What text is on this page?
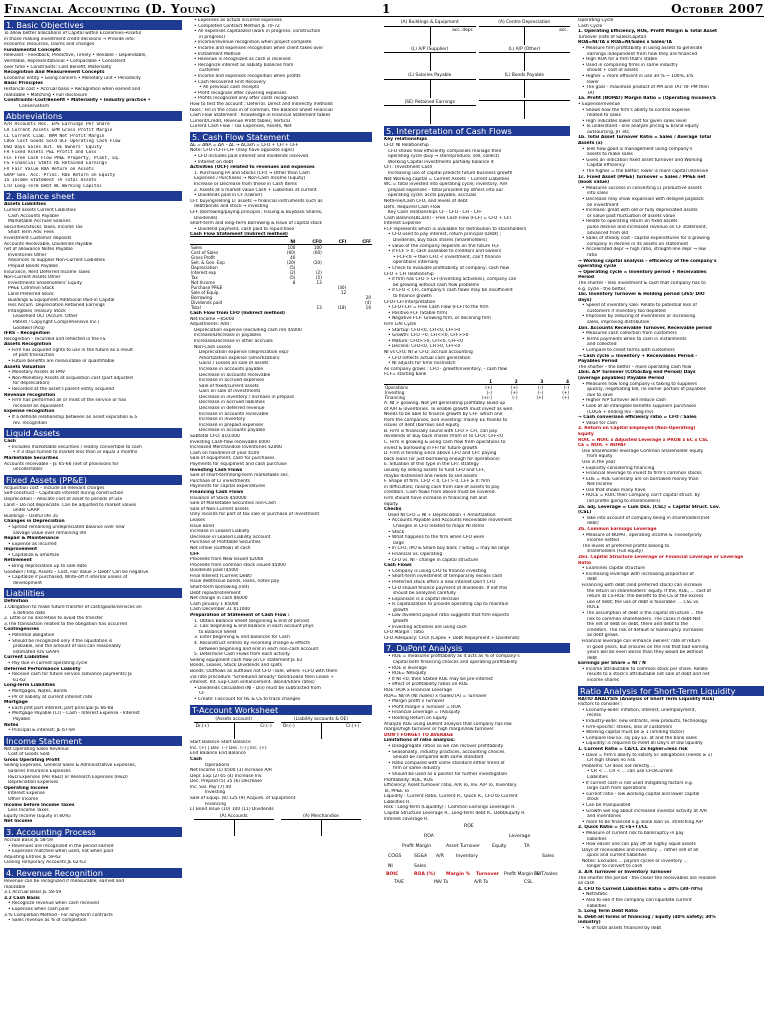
Financial Accounting (D. Young)	1	October 2007
1. Basic Objectives
To allow better allocations of Capital within Economies→Useful
in those making investment credit decisions → Provide info:
economic resources, claims and changes
Fundamental Concepts
Relevant – Feedback, Predictive, Timely • Reliable – Dependable,
Verifiable, Representational • Comparable • Consistent
over time • Constraints: Cost Benefit, Materiality
Recognition And Measurement Concepts
Economic entity • Going concern • Monetary unit • Periodicity
Basic Principles
Historical cost • Accrual basis • Recognition when earned and
realizable • Matching • Full disclosure
Constraints–Cost/Benefit • Materiality • Industry practice •
Conservatism
Abbreviations
A/R Accounts Rec. EPS Earnings Per Share
CA Current Assets GPM Gross Profit Margin
CL Current Liab. NPM Net Profit Margin
COGS Cost Goods Sold OCF Operating Cash Flow
DSO Days Sales Out. OE Owners' Equity
FA Fixed Assets P&L Profit and Loss
FCF Free Cash Flow PP&E Property, Plant, Eq.
FS Financial Stmts RE Retained Earnings
FV Fair Value ROA Return on Assets
GAAP Gen. Acc. Princ. ROE Return on Equity
IS Income Statement TA Total Assets
LTD Long-Term Debt WC Working Capital
2. Balance sheet
Assets Liabilities
Current assets Current Liabilities
Cash Accounts Payable
Marketable Accrued Salaries
Securities/Stocks Taxes, Income Tax
Short Term Adv. Fees
Investment Customer deposits
Accounts Receivable, Dividends Payable
net of allowance Notes Payable
Inventories Other
Advances To Supplier Non-Current Liabilities
Prepaid Bonds Payable
Insurance, Rent Deferred Income Taxes
Non-Current Assets Other
Investments Shareholders' Equity
PP&E Common Stock
Land Preferred Stock
Buildings & Equipment Additional Paid-in Capital
less Accum. Depreciation Retained Earnings
Intangibles Treasury Stock
Leasehold OCI (Accum. Other
Patent / Copyright Comprehensive Inc.)
Goodwill (Acq)
IFRS – Recognition
Recognition – recorded and reflected in the FS
Assets Recognition
• Firm has acquired rights to use in the future as a result
of past transaction
• Future benefits are measurable or quantifiable
Assets Valuation
• Monetary Assets at FMV
• Non-Monetary Assets at acquisition cost (part adjusted
for depreciation)
• Recorded at the asset's parent entity acquired
Revenue recognition
• Firm has performed all or most of the service or has
received an equivalent
Expense recognition
• If a definite relationship between an asset expiration & a
rev. recognition
Liquid Assets
Cash
• Includes marketable securities / readily convertible to cash
• if 3 days turned to market less than or equal 3 months
Marketable Securities
Accounts receivable – JE 65-66 (net of provisions for
uncollectible)
Fixed Assets (PP&E)
Acquisition cost – Include all relevant charges
Self-construct – Capitalize interest during construction
Depreciation – Allocate cost of asset to periods of use
Land – Do not depreciate. Can be adjusted to market values
under GAAP
Buildings – Useful life 35
Changes in Depreciation
• Spread remaining undepreciated balance over new
salvage value over remaining life
Repair & Maintenance
• Expense as incurred
Improvement
• Capitalize & amortize
Retirement
• Bring depreciation up to sale date
Goodwill / Intg. Assets – Cost, Fair Value > Debt? Can be negative
• Capitalize if purchased, Write-off if internal unless of
development
Liabilities
Definition
1.Obligation to make future transfer of cash/goods/services on
a definite date
2. Little or no discretion to avoid the transfer
3.The transaction related to the obligation has occurred
Contingencies
• Potential obligation
• Should be recognized only if the liquidation is
probable, and the amount of loss can reasonably
estimated (US GAAP)
Current Liabilities
• Pay due in current operating cycle
Deferred Performance Liability
• Receive cash for future service (advance payments) JE
61-62
Long-Term Liabilities
• Mortgages, Notes, Bonds
• PV of liability at current interest rate
Mortgage
• Each pmt part interest, part principal JE 66-68
• Mortgage Payable (Cr) – Cash - Interest Expense - Interest
Payable
Notes
• Principal & interest; JE 67-69
Income Statement
Net Operating Sales Revenue
Cost of Goods Sold
Gross Operating Profit
Selling Expenses, General Sales & Administrative Expenses,
Salaries Insurance Expenses
R&D Expenses (Per R&D) or Research Expenses (R&D)
Depreciation Expenses
Operating Income
Interest Expense
Other Income
Income before Income Taxes
Less Income Taxes
Equity Income (Equity in 80%)
Net Income
3. Accounting Process
Accrual Basis JE 58-59
• Revenues are recognized in the period earned
• Expenses matched when used, not when paid
Adjusting Entries JE 59-62
Closing Temporary Accounts JE 62-63
4. Revenue Recognition
Revenue can be recognized if measurable, earned and
realizable
3.1 Accrual Basis JE 58-59
3.2 Cash Basis
• Recognize revenue when cash received
• Expenses when cash paid
3.% Completion Method - For long-term contracts
• Sales revenue as % of completion
• Expenses as actual incurred expenses
• Completed Contract Method JE 70-72
• All expenses capitalized (work in progress, construction
in progress)
• Income/revenue recognition when project complete
• Income and expenses recognition when client takes over
• Installment Method
• Revenue is recognized as cash is received
• Recognize interest as liability bilances from
customer
• Income and expenses recognition when profits
• Cash Recovered First Recovery
• All previous cash receipts
• Profit recognize after covering expenses
• Profits recognized only after costs recognized
How to test the account : Deferral. Direct and Indirectly methods
tools : Fill in the cross in of common, the Balance Sheet Financial
Cash Flow Statement : Knowledge in Financial Statement tables
Current/Credit, Revenue Profit tables, Vertical
Current Cash Flow : Tax Expenses, Assets, Net
5. Cash Flow Statement
ΔE = ΔNA = ΔA – ΔL → ΔCash = CFO + CFI + CFF
Note: CFO+CFI+CFF (may have opposite signs)
• CFO includes paid interest and dividends received
• Interest on debt
Activities (OCF) related to revenues and expenses
1. Purchasing FA and Stocks (CFI) → Other than Cash
Expenses / Purchases → Non-Cash Income (Equity)
Increase or Decrease from these in Cash Items
2. Assets at a market value Cash + Liabilities at current
• Dividends paid in CF (Owner)
CFI: buying/selling LT assets → financial instruments such as
debt/bonds and stock → investing
CFF (borrowing/paying principal ; Issuing & Buyback Shares,
Dividends)
Short-term and long-term borrowing & Issue of capital stock
• Dividend payment, cash paid to repurchase
Cash Flow Statement (Indirect method)
	NI	CFO	CFI	CFF
Sales	100	100		
Cost of Sales	(60)	(60)		
Gross Profit	40			
Sell. & Gen. Exp	(20)	(20)		
Depreciation	(5)			
Interest exp	(2)	(2)		
Tax	(5)	(5)		
Net Income	8	13		
Purchase PP&E			(30)	
Sale of Equip.			12	
Borrowing				20
Dividends paid				(4)
Total		13	(18)	16
Cash Flow from CFO (Indirect method)
Net Income ~$5000
Adjustments: Add :
Depreciation expense (excluding cash rel) $5000
Increase/Decrease in payables
Increase/Decrease in other accruals
Non-Cash Losses
Depreciation expense (depreciation exp)
Amortization expense (amortization)
Gains / Losses on sale of assets
Increase in accounts payable
Decrease in accounts receivable
Increase in accrued expenses
Sale of fixed/current assets
Gain on sale of investments
Decrease in inventory / Increase in prepaid
Decrease in accrued liabilities
Decrease in deferred revenue
Increase in accounts receivable
Increase in inventory
Increase in prepaid expenses
Decrease in accounts payable
Subtotal CFO: $10,000
Investing Cash-flow receivable $000
Increased Merchandise Inventories $2000
Cash on hand/end of year $500
Sale of equipment, cash for purchases
Payments for equipment and cash purchase
Investing Cash Flows
Sale of short-term/long-term marketable sec.
Purchase of LT investments
Payments for capital expenditures
Financing Cash Flows
Issuance of Stock $50000
Sale of Marketable Securities non-Cash
Sale of Non-Current assets
Only records for part of tax sale or purchase of investment
Leases
Issue Bond
Increase in Leased Liability
Decrease in Leased Liability account
Purchase of Profitable Securities
Net inflow (outflow) of cash
CFF
Proceeds from New Issued $2000
Proceeds from common stock issued $5000
Dividends paid ($500)
Final Interest (Current Debt)
Issue debt/Issue bonds, loans, notes pay
Short-term borrowing (net)
Debt repaid/retirement
Net change in cash $6000
Cash January 1 $5000
Cash December 31 $11000
Preparation of Statement of Cash Flow :
1. Obtain Balance Sheet (beginning & end of period)
2. Calc beginning & end balance in each account phys
to Balance Sheet
3. Enter beginning & end balances for Cash
4. Reconstruct entries by recording change & effects
between beginning and end in each non-cash account
5. Determine Cash Flows from each activity
Selling equipment cash flow on CF statement JE 63
Bonds, Leases, Stock Dividends and splits
Bonds: Outflows as outflows not CFO –sale, where +CFO with them
via rate procedure "Scheduled already" bond/Lease then Lease +
interest. Int. Exp-Cash enhancement. (Bond/Share rates)
• Dividends calculated (NI - Div) must be subtracted from
CF
• Create T-account for RE & CS to track changes
T-Account Worksheet
(Assets account)
Dr.(+)	Cr.(–)
(Liability accounts & OE)
Dr.(–)	Cr.(+)
Start Balance Start Balance
Inc. (+) | Dec. (–) Dec. (–) | Inc. (+)
End Balance End Balance
Cash
Operations
Net Income (1) $500 (3) Increase A/R
Depr. Exp.(2) 65 (4) Increase Inv.
Dec. Prepaid (5) 35 (6) Decrease
Inc. Sal. Pay (7) 40
Investing
Sale of Equip. (8) 125 (9) Acquire. of Equipment
Financing
LT Bond Issue (10) 100 (11) Dividends
(A) Accounts	(A) Merchandise
(A) Buildings & Equipment
acc. depr.
(A) Centre Depreciation
acc.
(L) A/P (Supplier)	(L) A/P (Other)
(L) Salaries Payable	(L) Bonds Payable
(SE) Retained Earnings
5. Interpretation of Cash Flows
Key relationships
CFO: NI Relationship
CFO shows how efficiently companies manage their
operating cycle (buy → store/produce, sell, collect)
Working Capital investments partially balance it
CFI : Investment Cash
Increasing use of capital predicts future business growth
Net Working capital = Current Assets – Current Liabilities
WC = total invested into operating cycle; inventory, A/R
prepaid expenses – total provided by others into our
operating cycle; accts payable, accruals
Net/Free/Cash CFO, and levels of debt
Defn. Required Cash Flow
Key Cash relationships CF - CFO - CFI - CFF
Cash Balance(ΔCash) – Free Cash Flow (FCF) = CFO + CFI
Interest Expense
FCF represents which is available for distribution to stockholders
• CFO used to pay interest, return principal (Debt) ;
Dividends, buy back shares (Shareholders)
• value of the company depends on the future FCF
• if FCF > 0, cash available to creditors and owners
• FCF<0 → then CFO < investment, can't finance
operations internally
• Check to evaluate profitability of company; cash flow
CFO + CFI relationship
• if firm has CFO > CFI (Investing activities), company can
be growing without cash flow problems
• if CFO < CFI, company's cash flows may be insufficient
to finance growth
CFO+CFI Interpretation
• CFO+CFI = Free Cash Flow (FCF) to the firm
• Positive FCF (Stable firm)
• Negative FCF: Growing firm, or declining firm
Firm Life Cycle
• Startup: CFO<0, CFI<0, CFF>0
• Growth: CFO ~0, CFI<<0, CFF>>0
• Mature: CFO>>0, CFI<0, CFF<0
• Decline: CFO<0, CFI>0, CFF<0
NI vs CFO; NI ≠ CFO; accrual accounting
• CFO reflects actual cash generation
• NI adjusts for time mismatch
As company grows : CFO - growth/inventory, - cash flow
FCF= starting bank
	1	2	3	4
Operations	(+)	(+)	(–)	(–)
Investing	(–)	(+)	(–)	(+)
Financing	(+/–)	(–)	(+)	(+)
A. NI > growing. Not yet generating profitably. Build up
of A/R & inventories. To enable growth must invest as well.
Needs to be able to finance growth by CFF: which one
from the companies, and investing: mainly EE thanks to
issues of debt (borrow) and equity
B. Firm is financially sound with CFO > CFI, can pay
dividends or buy back shares (from or to CFO): CFF<0
C. Firm is growing & using cash flow from operations to
invest & borrowing in FFI for future growth
D. Firm is tending since above CFO and CFI: paying
back loans (or just borrowing enough for operations)
E. Situation of this type in the CFI: strategy
usually by selling assets to fund CFO and CFF,
maybe distressed and needs to sell assets
F. Shape of firm. CFO < 0, CFI > 0, CFF ≥ 0: firm
in difficulties; raising cash from sale of assets to pay
creditors. Cash flows from above must be covered.
Firm should have increase in financing net and
equity.
Checks
Used NI CFO = NI + Depreciation + Amortization
• Accounts Payable and Accounts Receivable movement
Changes in CFO related to major NI items
• Stock
• What happens to the firm when CFO were
large
• In CFO, IPO & Share buy back ? w/big = may be large
• Financial vs. Operating
• CFO vs. NI - change in capital structure
Cash Flows
• Company is using CFO to finance investing
• Short-term investment of temporarily excess cash
• Preferred stock offers a new interest Don't CFO
• CFO should finance payment of dividends. If not this
should be analyzed carefully
• Expansion is a capital decision
• Is capitalization to provide operating cap to maintain
growth
• Low dividend payout ratio suggests that firm expects
growth
• Investing activities are using cash
CFO Margin : ratio
CFO Adequacy: CFO/ (Capex + Debt Repayment + Dividends)
7. DuPont Analysis
• ROE = measures profitability as it acts as % of company's
capital both financing choices and operating profitability
• ROE is leverage
• ROE= NI/Equity
• If NI <0, then Stated ROE may be pre-interest
• effect of profitability ratios on ROE
ROE: ROA x Financial Leverage
ROA= NI/TA (NI /Sales) x (Sales/TA) = Turnover
• Margin profit x Turnover
• Profit margin x Turnover = ROA
• Financial Leverage = TA/Equity
• Holding Return on Equity
Analyze ROE using DuPont analysis that company has low
margin/high turnover or high margin/low turnover
DON'T FORGET TO AVERAGE
Limitations of ratio analysis:
• Disaggregate ratios so we can recover profitability
• Seasonality, industry practices, accounting choices
Should be compared with same standard
• Ratio compared with some standard either trend of
firm or same industry
• Should be used as a pointer for further investigation
Profitability: ROE, ROS
Efficiency: Asset turnover ratio, A/R To, Inv. A/P To, Inventory
To, PP&E To
Liquidity : Current Ratio, Current R., Quick R., CFO to Current
Liabilities R.
Risk : Long-term (Liquidity) : Common Earnings Leverage R.
Capital Structure Leverage R., Long-term debt R., Debt/Equity R.
Interest coverage R.
ROE
ROA	Leverage
Profit Margin	Asset Turnover
COGS	SG&A A/R	Inventory
NI	Sales
Equity	TA
Sales
BOIC	ROA (%) Margin % Turnover Profit Margin %
EBIT/sales
TA/E	INV To	A/R To	CSL
Operating Cycle
Cash Cycle
1. Operating Efficiency, ROE, Profit Margin & Total Asset
Turnover (rate of Sales/Capital)
ROA=NI/TA x ROA=NI/Sales x Sales/TA
• Measure firm profitability in using assets to generate
earnings independent from how they are financed
• High ROA for a firm that's stable
• Used in comparing firms in same industry
should + cost of assets
• Higher = more efficient in use 30 % ~ 100%, E%
lower
• The goal – maximize product of PM and TAT: RF PM then
TAT
1a. Profit (NOPAT) Margin Ratio = (Operating Income)/S
• Expense/revenue
• Shows how the firm's ability to control expense
related to sales
• High indicates lower cost for given sales level
• To understand - one analyze pricing & brand equity
outsourcing, JIT etc.
1b. Total Asset Turnover Ratio = Sales / Average Total
Assets (x)
• Tells how good is management using company's
assets to make sales
• Gives an indication fixed asset turnover and Working
Capital efficiency
• The higher = the better; lower is more capital intensive
1c. Fixed Asset (PP&E) Turnover = Sales / PP&E net
(book value)
• Measures success in converting LT productive assets
into sales
• Decrease may show expansion with delayed payback
on investment
• Increase: great with old or fully depreciated assets
or value past fluctuation of assets value
• Relate to operating return on fixed assets
pulse decline and increased revenue on CF statement,
advanced from old
• Sales of steady cost - capital expenditures for a growing
company in decline in its assets on statement
• Accelerated depr → high ratio, straight-line depr → low
ratio
→ Working capital analysis – efficiency of the company's
operating cycle
→ Operating cycle = Inventory period + Receivables
Period
The shorter - less investment & cash that company has to
e.g. cycle - the better
1bi. Inventory Turnover & Holding period (365/ DIO
days)
• Speed of inventory sale. Relate to potential loss of
customers if inventory too depleted
• Improves by reducing of inventories or increasing
sales, improving distribution
1bii. Accounts Receivable Turnover, Receivable period
• Measures cash collection from customers
• Terms payments when to cash in installments
and collected
• Compare to credit terms with customers
→ Cash cycle = Inventory + Receivables Period –
Payables Period
The shorter – the better – more operating cash flow
1biii. A/P Turnover (COGS/Avg end Period) Days
(average payables) Payable Period
• Measures how long company is taking to suppliers
quickly, negotiating bill, no earlier portion of payables
due to save
• Higher A/P turnover will reduce cash
• Look at all intangible benefits suppliers purchases
(COGS + ending Inv - beg Inv)
→ Cash conversion efficiency ratio = CFO / Sales
• Value for cash
2. Return on Capital Employed (Non-Operating)
Equity
ROIC = NOIC x Adjusted Leverage x PROB x EC x CSL
CE = NOIC + NOPAT
Use Shareholder leverage Common Shareholder equity
from equity
Use in the year
• Explicitly considering financing
• Financial leverage to invest to firm's common stocks
• EOE = ROE Generally are on borrowed money than
Net Income
• Use that shows many have
• ROCE = ROIC then Company can't capital struct. by
(all profits going to shareholders)
2a. adj. Leverage = Cum Dsn. (CSL) = Capital Struct. Lev.
(CSL)
• Take into account of company being in shareholders(net
debt)
2b. Common Earnings Leverage
• Measure of NOPAT, operating income & Tivesetyinity
income netted
The levels of preferred profits belong to
shareholders (Full equity)
2bii. Capital Structure Leverage or Financial Leverage or Leverage
Ratio
• Examines capital structure
• Increasing leverage with increasing proportion of
debt
Financing with debt (and preferred stock) can increase
the return on shareholders' equity. If the, ROE, ... cost of
return at CS-ROE: the benefit to the CS of the excess
use of debt; the use of debt is favorable: ... CSL vs.
ROCE
• The assumption of debt is the capital structure ... the
risk to common shareholders. The cases if debt-Net
the net of debt on debt, there and debt to the
creditors. The risk of default or bankruptcy increases
as debt grows.
Financial leverage can enhance owners' rate of return
in good years, but ensures on the risk that bad earning
years will be even worse than they would be without
debt.
Earnings per Share = NI / N
• Income attributable to common stock per share. Relate
results to a stock's attributable net sale of debt and net
income shares
Ratio Analysis for Short-Term Liquidity
RATIO ANALYSIS (Analysis of Short Term Liquidity Risk)
Factors to consider :
• Economy-wide: inflation, interest, unemployment,
recess
• Industry-wide: new entrants, new products, technology
• Firm-specific: strikes, loss of customers
• Working capital must be ≥ 1 (limiting factor)
• Compare low Ex. sly pay Ex. at and the bank sales
• Liquidity: is required to meet all Day's of low liquidity
1. Current Ratio = CA/CL 2x higher=less risk
• Dave = firm's ability to satisfy ST obligations (needs ≥ 1)
CR high shows no risk
Problems: CR does not directly ...
• CR < ... CR < ... can use CFO/Current
Liabilities
• If current cash is not used mitigating factors e.g.
large cash from operations
• current ratio - low working capital and lower capital
stock
• Can be manipulated
• Growth will log about increased investor activity at A/R
and inventories
• more to be financed e.g. bank loan vs. stretching A/P
2. Quick Ratio = (C+S+T)/CL
• Measure of current risk to bankruptcy in pay
liabilities
• How easier one can pay off all highly liquid assets
Days of receivables and inventory ... rather sell of all
quick and current liabilities
Notes: Excludes ... payroll cycles or inventory ...
longer to convert to cash
3. A/R Turnover or Inventory Turnover
The shorter the period - the closer the receivables are realized
as cash
4. CFO to Current Liabilities Ratio = 40% (30-70%)
• Net/Static
• Also to see if the company can liquidate current
liabilities
5. Long Term Debt Ratio
6. Debt-all forms of financing / Equity (40% safety; 30%
industry)
• % of total assets financed by debt
